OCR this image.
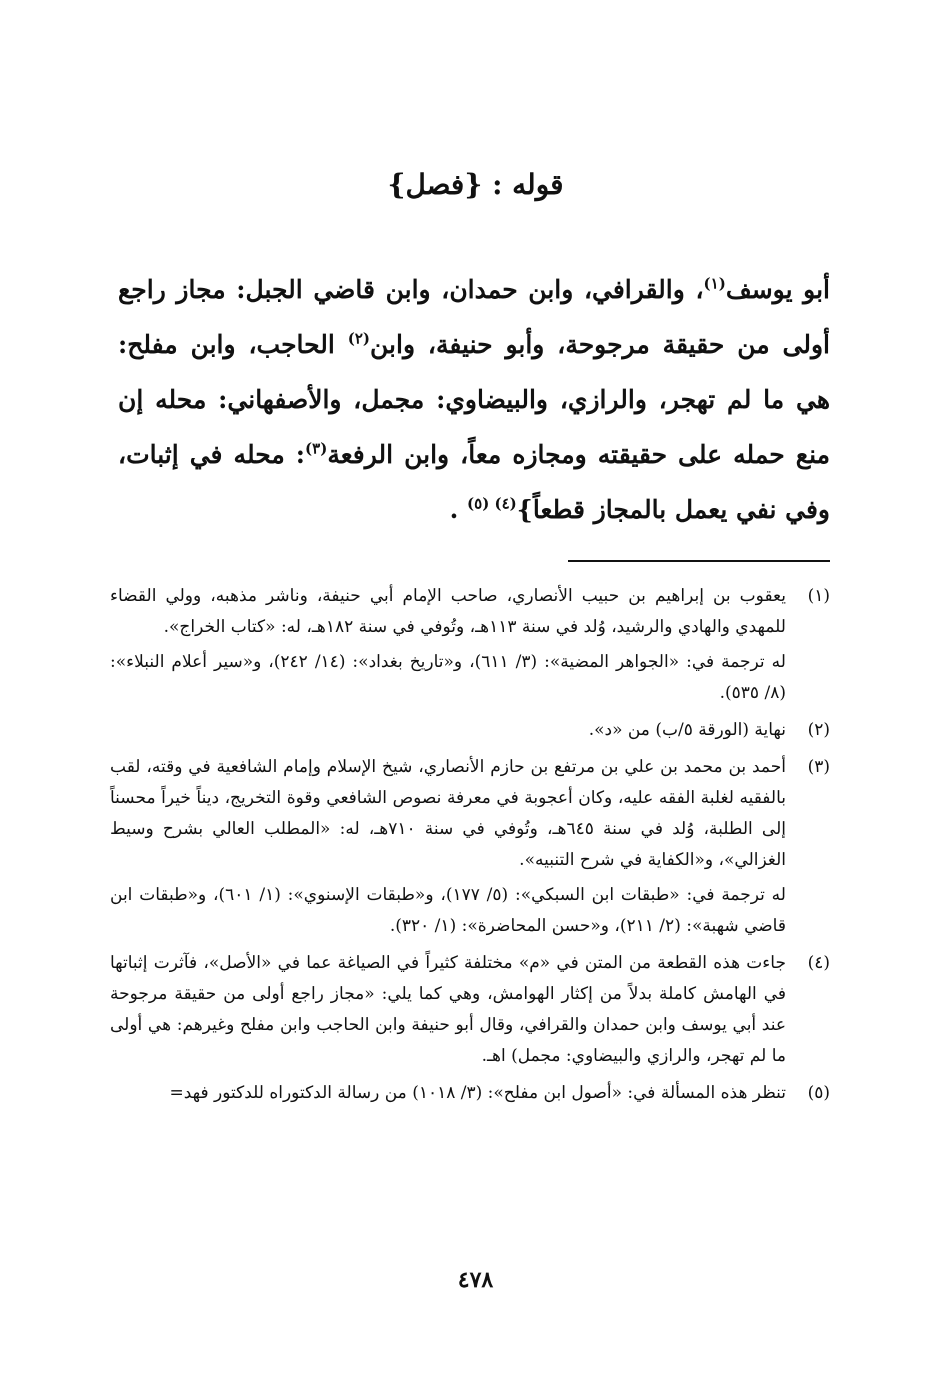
قوله : {فصل}

أبو يوسف$^{(١)}$، والقرافي، وابن حمدان، وابن قاضي الجبل: مجاز راجع أولى من حقيقة مرجوحة، وأبو حنيفة، وابن$^{(٢)}$ الحاجب، وابن مفلح: هي ما لم تهجر، والرازي، والبيضاوي: مجمل، والأصفهاني: محله إن منع حمله على حقيقته ومجازه معاً، وابن الرفعة$^{(٣)}$: محله في إثبات، وفي نفي يعمل بالمجاز قطعاً}$^{(٤) (٥)}$ .

(١)

يعقوب بن إبراهيم بن حبيب الأنصاري، صاحب الإمام أبي حنيفة، وناشر مذهبه، وولي القضاء للمهدي والهادي والرشيد، وُلد في سنة ١١٣هـ، وتُوفي في سنة ١٨٢هـ، له: «كتاب الخراج».

له ترجمة في: «الجواهر المضية»: (٣/ ٦١١)، و«تاريخ بغداد»: (١٤/ ٢٤٢)، و«سير أعلام النبلاء»: (٨/ ٥٣٥).

(٢)

نهاية (الورقة ٥/ب) من «د».

(٣)

أحمد بن محمد بن علي بن مرتفع بن حازم الأنصاري، شيخ الإسلام وإمام الشافعية في وقته، لقب بالفقيه لغلبة الفقه عليه، وكان أعجوبة في معرفة نصوص الشافعي وقوة التخريج، ديناً خيراً محسناً إلى الطلبة، وُلد في سنة ٦٤٥هـ، وتُوفي في سنة ٧١٠هـ، له: «المطلب العالي بشرح وسيط الغزالي»، و«الكفاية في شرح التنبيه».

له ترجمة في: «طبقات ابن السبكي»: (٥/ ١٧٧)، و«طبقات الإسنوي»: (١/ ٦٠١)، و«طبقات ابن قاضي شهبة»: (٢/ ٢١١)، و«حسن المحاضرة»: (١/ ٣٢٠).

(٤)

جاءت هذه القطعة من المتن في «م» مختلفة كثيراً في الصياغة عما في «الأصل»، فآثرت إثباتها في الهامش كاملة بدلاً من إكثار الهوامش، وهي كما يلي: «مجاز راجع أولى من حقيقة مرجوحة عند أبي يوسف وابن حمدان والقرافي، وقال أبو حنيفة وابن الحاجب وابن مفلح وغيرهم: هي أولى ما لم تهجر، والرازي والبيضاوي: مجمل) اهـ.

(٥)

تنظر هذه المسألة في: «أصول ابن مفلح»: (٣/ ١٠١٨) من رسالة الدكتوراه للدكتور فهد=

٤٧٨
